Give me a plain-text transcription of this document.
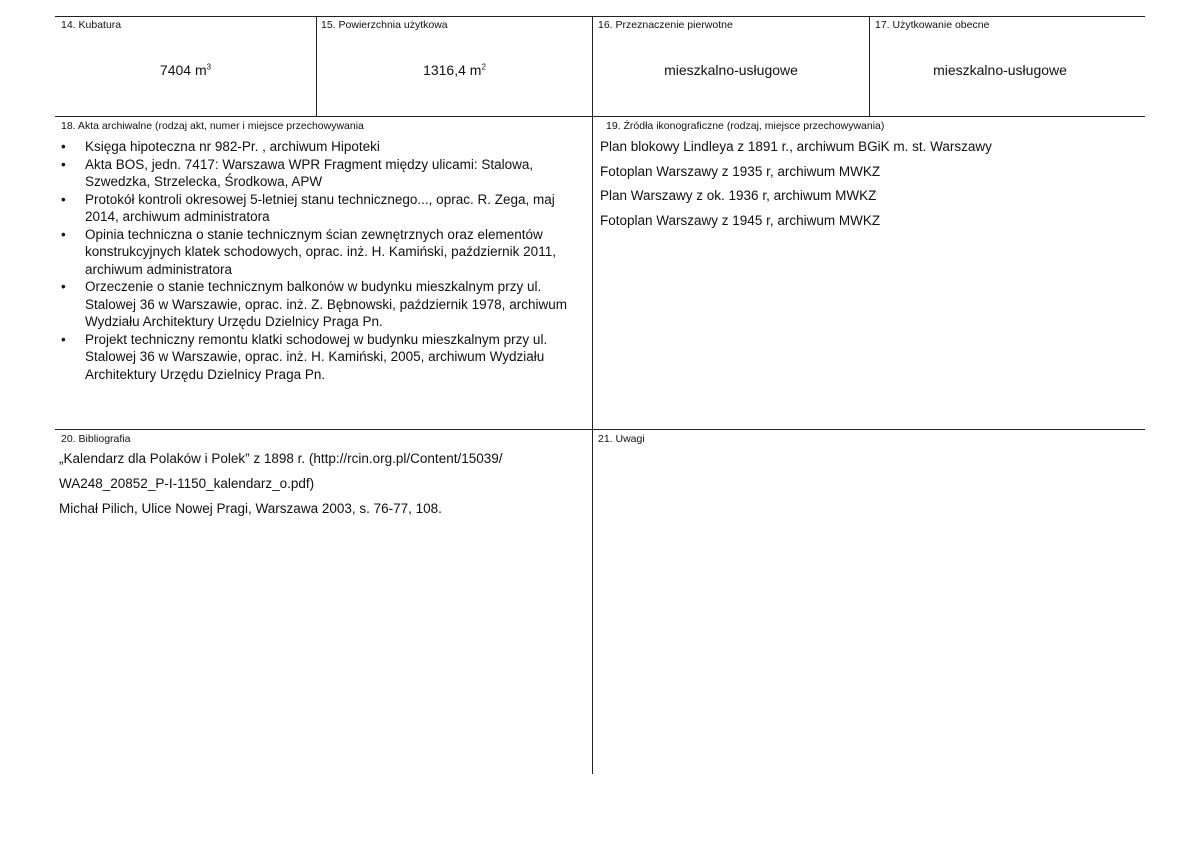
14. Kubatura
7404 $m^3$
15. Powierzchnia użytkowa
1316,4 $m^2$
16. Przeznaczenie pierwotne
mieszkalno-usługowe
17. Użytkowanie obecne
mieszkalno-usługowe
18. Akta archiwalne (rodzaj akt, numer i miejsce przechowywania
• Księga hipoteczna nr 982-Pr. , archiwum Hipoteki
• Akta BOS, jedn. 7417: Warszawa WPR Fragment między ulicami: Stalowa, Szwedzka, Strzelecka, Środkowa, APW
• Protokół kontroli okresowej 5-letniej stanu technicznego..., oprac. R. Zega, maj 2014, archiwum administratora
• Opinia techniczna o stanie technicznym ścian zewnętrznych oraz elementów konstrukcyjnych klatek schodowych, oprac. inż. H. Kamiński, październik 2011, archiwum administratora
• Orzeczenie o stanie technicznym balkonów w budynku mieszkalnym przy ul. Stalowej 36 w Warszawie, oprac. inż. Z. Bębnowski, październik 1978, archiwum Wydziału Architektury Urzędu Dzielnicy Praga Pn.
• Projekt techniczny remontu klatki schodowej w budynku mieszkalnym przy ul. Stalowej 36 w Warszawie, oprac. inż. H. Kamiński, 2005, archiwum Wydziału Architektury Urzędu Dzielnicy Praga Pn.
19. Źródła ikonograficzne (rodzaj, miejsce przechowywania)
Plan blokowy Lindleya z 1891 r., archiwum BGiK m. st. Warszawy
Fotoplan Warszawy z 1935 r, archiwum MWKZ
Plan Warszawy z ok. 1936 r, archiwum MWKZ
Fotoplan Warszawy z 1945 r, archiwum MWKZ
20. Bibliografia
„Kalendarz dla Polaków i Polek” z 1898 r. (http://rcin.org.pl/Content/15039/
WA248_20852_P-I-1150_kalendarz_o.pdf)
Michał Pilich, Ulice Nowej Pragi, Warszawa 2003, s. 76-77, 108.
21. Uwagi
